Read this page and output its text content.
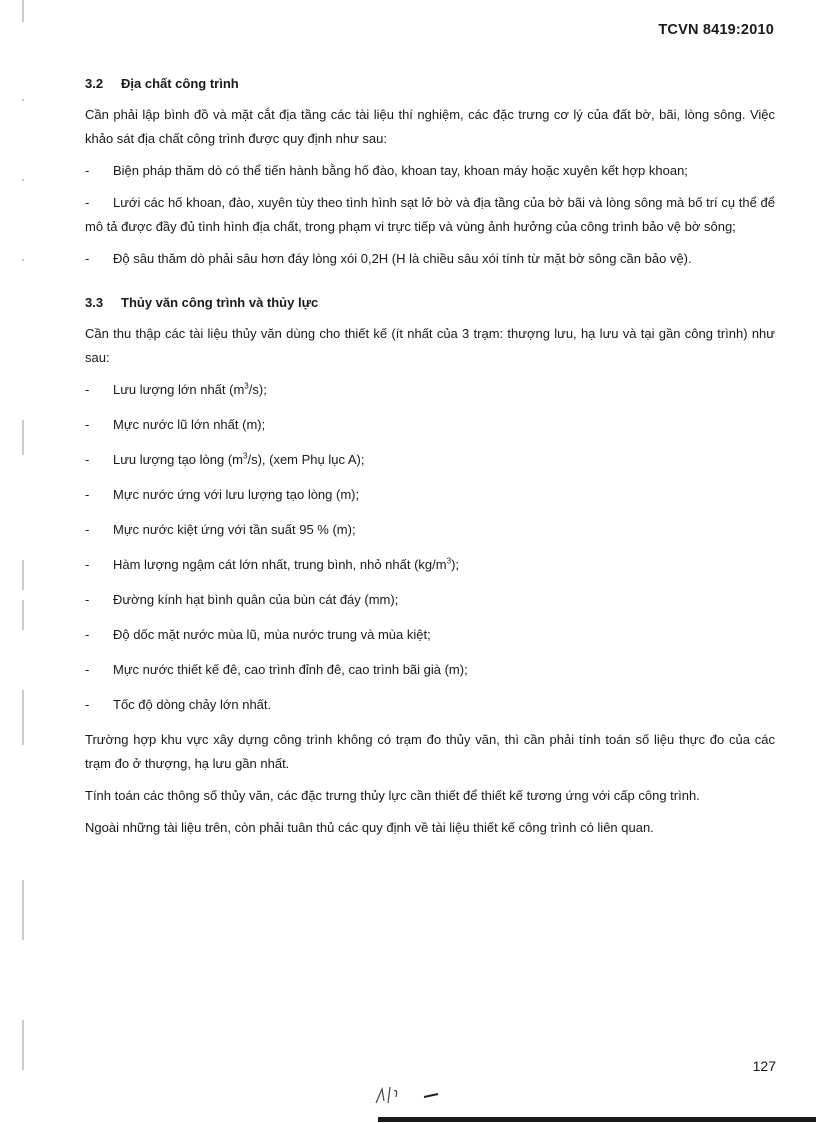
TCVN 8419:2010
3.2 Địa chất công trình

Cần phải lập bình đồ và mặt cắt địa tầng các tài liệu thí nghiệm, các đặc trưng cơ lý của đất bờ, bãi, lòng sông. Việc khảo sát địa chất công trình được quy định như sau:

- Biện pháp thăm dò có thể tiến hành bằng hố đào, khoan tay, khoan máy hoặc xuyên kết hợp khoan;
- Lưới các hố khoan, đào, xuyên tùy theo tình hình sạt lở bờ và địa tầng của bờ bãi và lòng sông mà bố trí cụ thể để mô tả được đầy đủ tình hình địa chất, trong phạm vi trực tiếp và vùng ảnh hưởng của công trình bảo vệ bờ sông;
- Độ sâu thăm dò phải sâu hơn đáy lòng xói 0,2H (H là chiều sâu xói tính từ mặt bờ sông cần bảo vệ).
3.3 Thủy văn công trình và thủy lực

Cần thu thập các tài liệu thủy văn dùng cho thiết kế (ít nhất của 3 trạm: thượng lưu, hạ lưu và tại gần công trình) như sau:

- Lưu lượng lớn nhất $(m^3/s)$;
- Mực nước lũ lớn nhất (m);
- Lưu lượng tạo lòng $(m^3/s)$, (xem Phụ lục A);
- Mực nước ứng với lưu lượng tạo lòng (m);
- Mực nước kiệt ứng với tần suất 95 % (m);
- Hàm lượng ngậm cát lớn nhất, trung bình, nhỏ nhất $(kg/m^3)$;
- Đường kính hạt bình quân của bùn cát đáy (mm);
- Độ dốc mặt nước mùa lũ, mùa nước trung và mùa kiệt;
- Mực nước thiết kế đê, cao trình đỉnh đê, cao trình bãi già (m);
- Tốc độ dòng chảy lớn nhất.

Trường hợp khu vực xây dựng công trình không có trạm đo thủy văn, thì cần phải tính toán số liệu thực đo của các trạm đo ở thượng, hạ lưu gần nhất.

Tính toán các thông số thủy văn, các đặc trưng thủy lực cần thiết để thiết kế tương ứng với cấp công trình.

Ngoài những tài liệu trên, còn phải tuân thủ các quy định về tài liệu thiết kế công trình có liên quan.

127
